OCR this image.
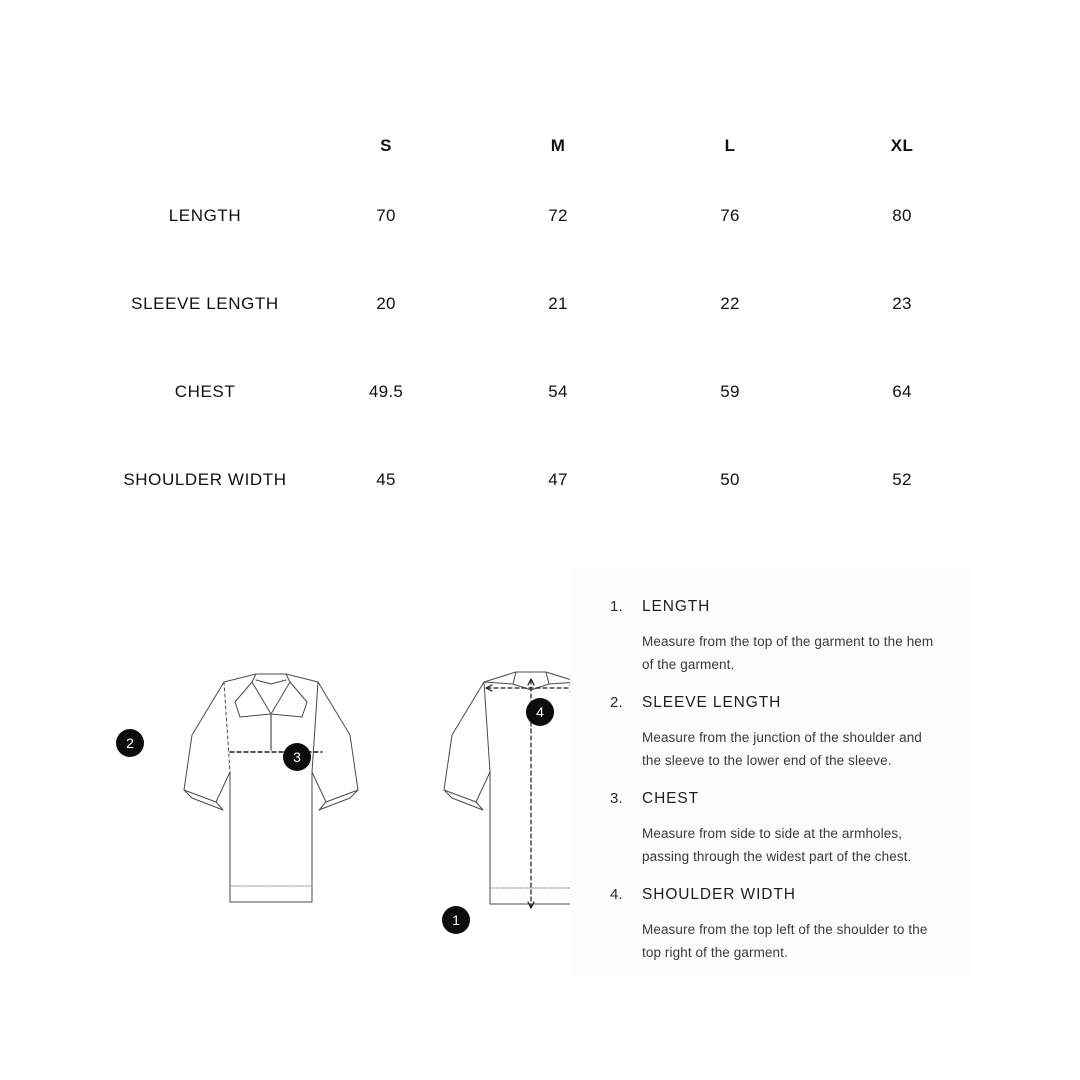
S	M	L	XL
LENGTH	70	72	76	80
SLEEVE LENGTH	20	21	22	23
CHEST	49.5	54	59	64
SHOULDER WIDTH	45	47	50	52
2
3
4
1
1.	LENGTH
Measure from the top of the garment to the hem of the garment.
2.	SLEEVE LENGTH
Measure from the junction of the shoulder and the sleeve to the lower end of the sleeve.
3.	CHEST
Measure from side to side at the armholes, passing through the widest part of the chest.
4.	SHOULDER WIDTH
Measure from the top left of the shoulder to the top right of the garment.
